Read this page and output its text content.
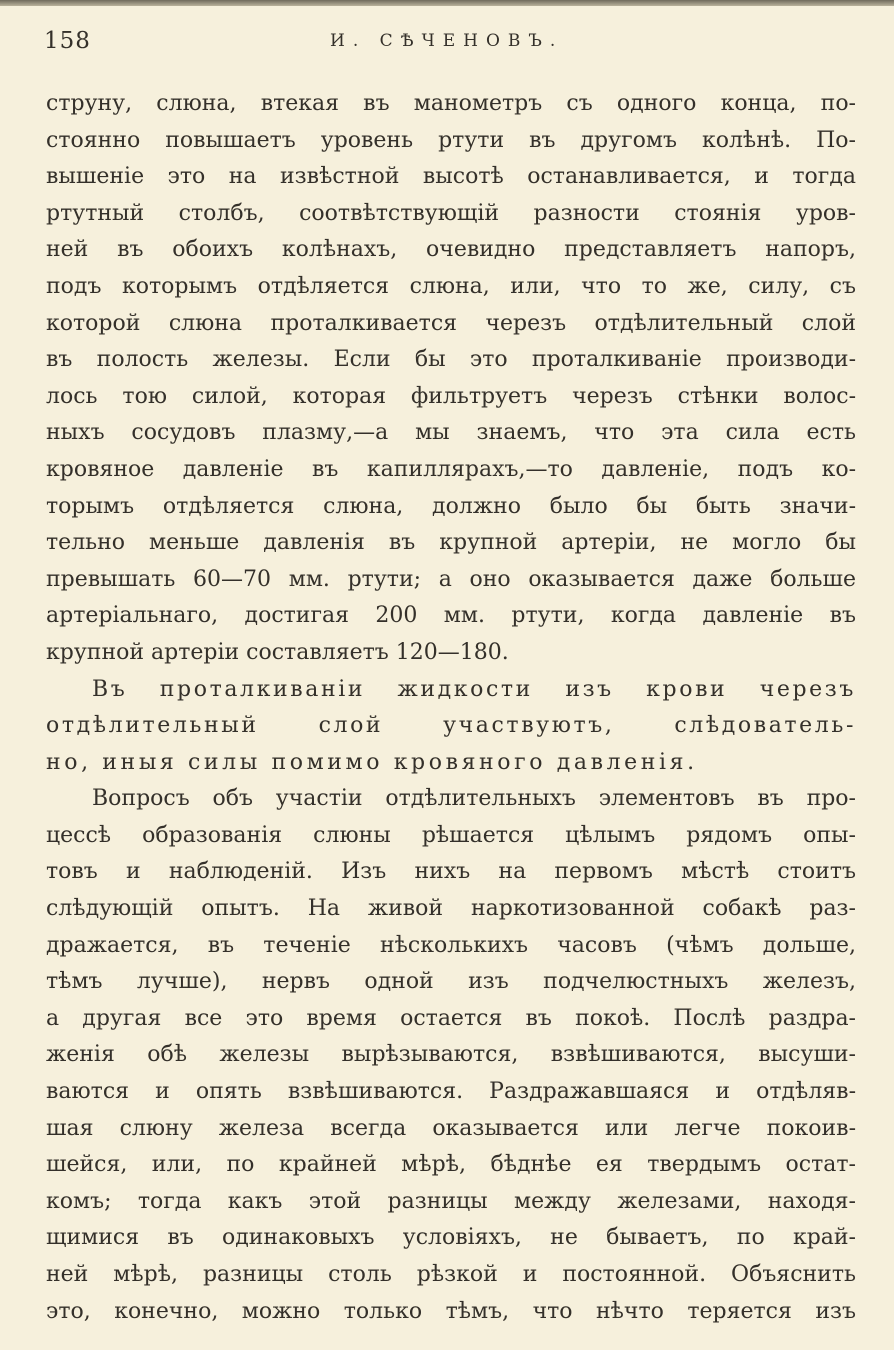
158	И. СѢЧЕНОВЪ.
струну, слюна, втекая въ манометръ съ одного конца, по-
стоянно повышаетъ уровень ртути въ другомъ колѣнѣ. По-
вышеніе это на извѣстной высотѣ останавливается, и тогда
ртутный столбъ, соотвѣтствующій разности стоянія уров-
ней въ обоихъ колѣнахъ, очевидно представляетъ напоръ,
подъ которымъ отдѣляется слюна, или, что то же, силу, съ
которой слюна проталкивается черезъ отдѣлительный слой
въ полость железы. Если бы это проталкиваніе производи-
лось тою силой, которая фильтруетъ черезъ стѣнки волос-
ныхъ сосудовъ плазму,—а мы знаемъ, что эта сила есть
кровяное давленіе въ капиллярахъ,—то давленіе, подъ ко-
торымъ отдѣляется слюна, должно было бы быть значи-
тельно меньше давленія въ крупной артеріи, не могло бы
превышать 60—70 мм. ртути; а оно оказывается даже больше
артеріальнаго, достигая 200 мм. ртути, когда давленіе въ
крупной артеріи составляетъ 120—180.
Въ проталкиваніи жидкости изъ крови черезъ
отдѣлительный слой участвуютъ, слѣдователь-
но, иныя силы помимо кровяного давленія.
Вопросъ объ участіи отдѣлительныхъ элементовъ въ про-
цессѣ образованія слюны рѣшается цѣлымъ рядомъ опы-
товъ и наблюденій. Изъ нихъ на первомъ мѣстѣ стоитъ
слѣдующій опытъ. На живой наркотизованной собакѣ раз-
дражается, въ теченіе нѣсколькихъ часовъ (чѣмъ дольше,
тѣмъ лучше), нервъ одной изъ подчелюстныхъ железъ,
а другая все это время остается въ покоѣ. Послѣ раздра-
женія обѣ железы вырѣзываются, взвѣшиваются, высуши-
ваются и опять взвѣшиваются. Раздражавшаяся и отдѣляв-
шая слюну железа всегда оказывается или легче покоив-
шейся, или, по крайней мѣрѣ, бѣднѣе ея твердымъ остат-
комъ; тогда какъ этой разницы между железами, находя-
щимися въ одинаковыхъ условіяхъ, не бываетъ, по край-
ней мѣрѣ, разницы столь рѣзкой и постоянной. Объяснить
это, конечно, можно только тѣмъ, что нѣчто теряется изъ
